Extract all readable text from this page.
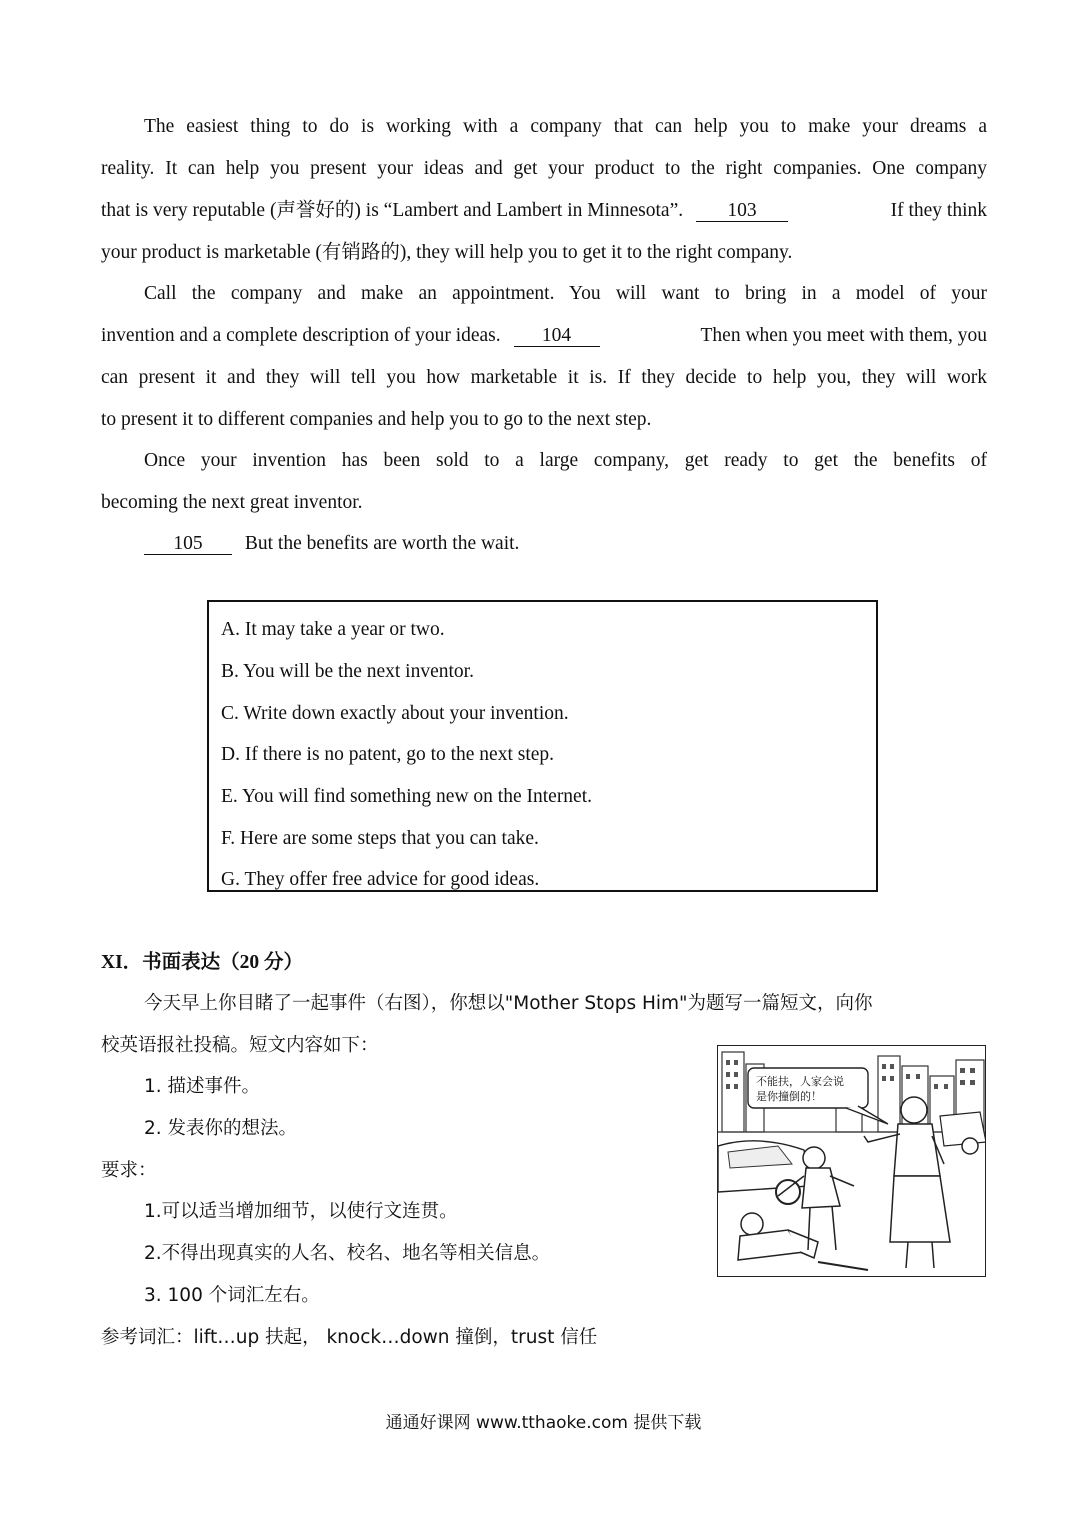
The easiest thing to do is working with a company that can help you to make your dreams a
reality. It can help you present your ideas and get your product to the right companies. One company
that is very reputable (声誉好的) is “Lambert and Lambert in Minnesota”. 103	If they think
your product is marketable (有销路的), they will help you to get it to the right company.
Call the company and make an appointment. You will want to bring in a model of your
invention and a complete description of your ideas. 104	Then when you meet with them, you
can present it and they will tell you how marketable it is. If they decide to help you, they will work
to present it to different companies and help you to go to the next step.
Once your invention has been sold to a large company, get ready to get the benefits of
becoming the next great inventor.
105 But the benefits are worth the wait.
A. It may take a year or two.
B. You will be the next inventor.
C. Write down exactly about your invention.
D. If there is no patent, go to the next step.
E. You will find something new on the Internet.
F. Here are some steps that you can take.
G. They offer free advice for good ideas.
XI．书面表达（20 分）
今天早上你目睹了一起事件（右图），你想以"Mother Stops Him"为题写一篇短文，向你
校英语报社投稿。短文内容如下：
1. 描述事件。
2. 发表你的想法。
要求：
1.可以适当增加细节，以使行文连贯。
2.不得出现真实的人名、校名、地名等相关信息。
3. 100 个词汇左右。
参考词汇：lift…up 扶起， knock…down 撞倒，trust 信任
不能扶，人家会说
是你撞倒的！
通通好课网 www.tthaoke.com 提供下载
